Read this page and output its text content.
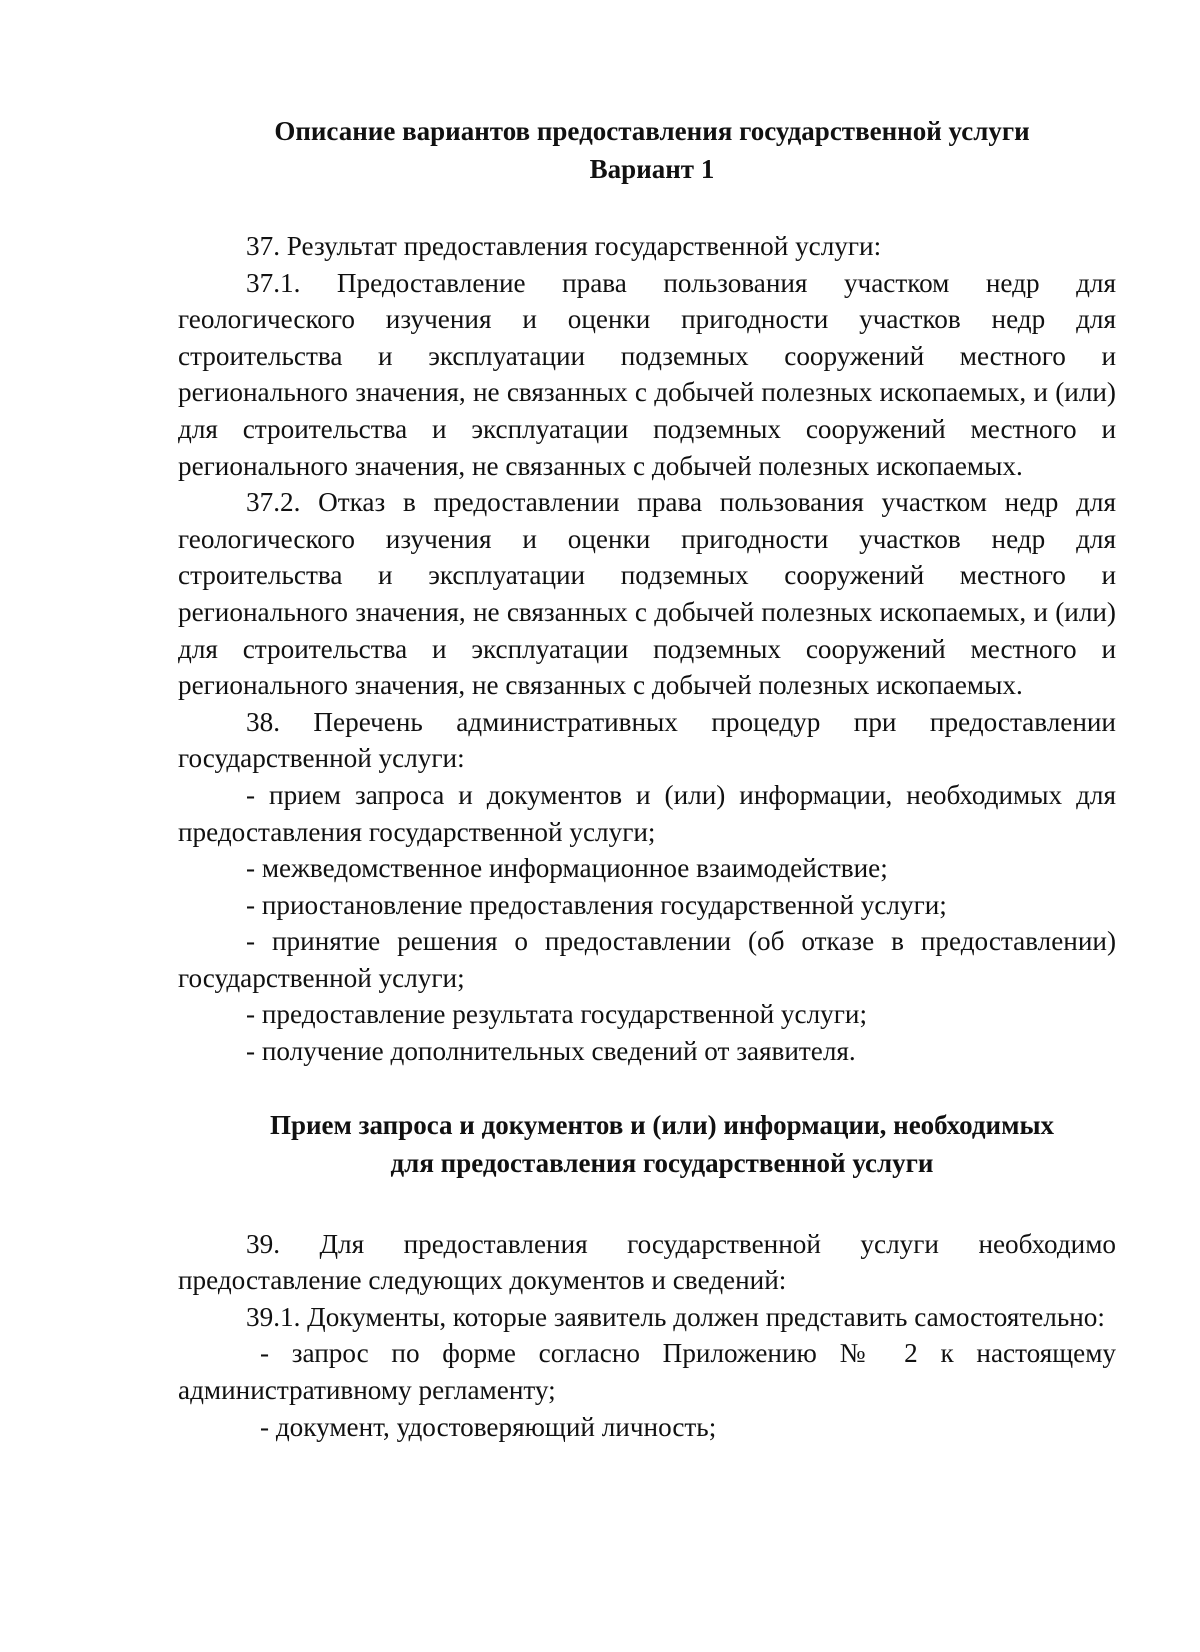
Описание вариантов предоставления государственной услуги
Вариант 1

37. Результат предоставления государственной услуги:

37.1. Предоставление права пользования участком недр для геологического изучения и оценки пригодности участков недр для строительства и эксплуатации подземных сооружений местного и регионального значения, не связанных с добычей полезных ископаемых, и (или) для строительства и эксплуатации подземных сооружений местного и регионального значения, не связанных с добычей полезных ископаемых.

37.2. Отказ в предоставлении права пользования участком недр для геологического изучения и оценки пригодности участков недр для строительства и эксплуатации подземных сооружений местного и регионального значения, не связанных с добычей полезных ископаемых, и (или) для строительства и эксплуатации подземных сооружений местного и регионального значения, не связанных с добычей полезных ископаемых.

38. Перечень административных процедур при предоставлении государственной услуги:

- прием запроса и документов и (или) информации, необходимых для предоставления государственной услуги;

- межведомственное информационное взаимодействие;

- приостановление предоставления государственной услуги;

- принятие решения о предоставлении (об отказе в предоставлении) государственной услуги;

- предоставление результата государственной услуги;

- получение дополнительных сведений от заявителя.

Прием запроса и документов и (или) информации, необходимых
для предоставления государственной услуги

39. Для предоставления государственной услуги необходимо предоставление следующих документов и сведений:

39.1. Документы, которые заявитель должен представить самостоятельно:

- запрос по форме согласно Приложению № 2 к настоящему административному регламенту;

- документ, удостоверяющий личность;
